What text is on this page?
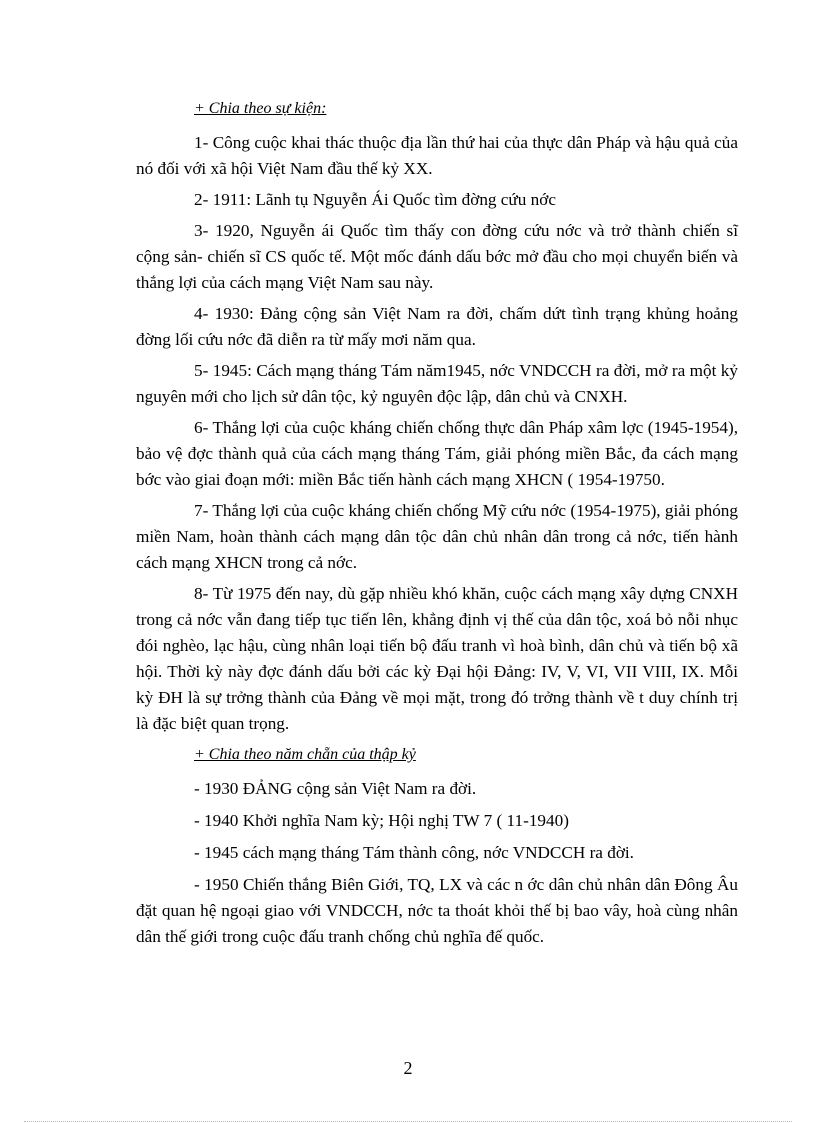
+ Chia theo sự kiện:

1- Công cuộc khai thác thuộc địa lần thứ hai của thực dân Pháp và hậu quả của nó đối với xã hội Việt Nam đầu thế kỷ XX.

2- 1911: Lãnh tụ Nguyễn Ái Quốc tìm đờng cứu nớc

3- 1920, Nguyễn ái Quốc tìm thấy con đờng cứu nớc và trở thành chiến sĩ cộng sản- chiến sĩ CS quốc tế. Một mốc đánh dấu bớc mở đầu cho mọi chuyển biến và thắng lợi của cách mạng Việt Nam sau này.

4- 1930: Đảng cộng sản Việt Nam ra đời, chấm dứt tình trạng khủng hoảng đờng lối cứu nớc đã diễn ra từ mấy mơi năm qua.

5- 1945: Cách mạng tháng Tám năm1945, nớc VNDCCH ra đời, mở ra một kỷ nguyên mới cho lịch sử dân tộc, kỷ nguyên độc lập, dân chủ và CNXH.

6- Thắng lợi của cuộc kháng chiến chống thực dân Pháp xâm lợc (1945-1954), bảo vệ đợc thành quả của cách mạng tháng Tám, giải phóng miền Bắc, đa cách mạng bớc vào giai đoạn mới: miền Bắc tiến hành cách mạng XHCN ( 1954-19750.

7- Thắng lợi của cuộc kháng chiến chống Mỹ cứu nớc (1954-1975), giải phóng miền Nam, hoàn thành cách mạng dân tộc dân chủ nhân dân trong cả nớc, tiến hành cách mạng XHCN trong cả nớc.

8- Từ 1975 đến nay, dù gặp nhiều khó khăn, cuộc cách mạng xây dựng CNXH trong cả nớc vẫn đang tiếp tục tiến lên, khẳng định vị thế của dân tộc, xoá bỏ nỗi nhục đói nghèo, lạc hậu, cùng nhân loại tiến bộ đấu tranh vì hoà bình, dân chủ và tiến bộ xã hội. Thời kỳ này đợc đánh dấu bởi các kỳ Đại hội Đảng: IV, V, VI, VII VIII, IX. Mỗi kỳ ĐH là sự trởng thành của Đảng về mọi mặt, trong đó trởng thành về t duy chính trị là đặc biệt quan trọng.

+ Chia theo năm chẵn của thập kỷ
- 1930 ĐẢNG cộng sản Việt Nam ra đời.
- 1940 Khởi nghĩa Nam kỳ; Hội nghị TW 7 ( 11-1940)
- 1945 cách mạng tháng Tám thành công, nớc VNDCCH ra đời.

- 1950 Chiến thắng Biên Giới, TQ, LX và các n ớc dân chủ nhân dân Đông Âu đặt quan hệ ngoại giao với VNDCCH, nớc ta thoát khỏi thế bị bao vây, hoà cùng nhân dân thế giới trong cuộc đấu tranh chống chủ nghĩa đế quốc.

2
